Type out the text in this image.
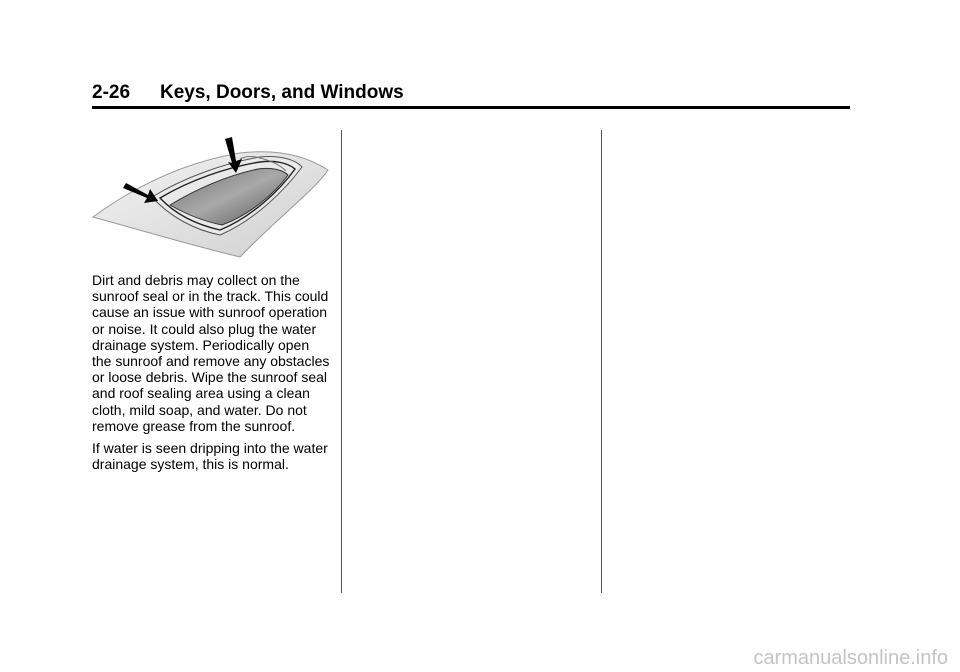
2-26 Keys, Doors, and Windows

Dirt and debris may collect on the sunroof seal or in the track. This could cause an issue with sunroof operation or noise. It could also plug the water drainage system. Periodically open the sunroof and remove any obstacles or loose debris. Wipe the sunroof seal and roof sealing area using a clean cloth, mild soap, and water. Do not remove grease from the sunroof.

If water is seen dripping into the water drainage system, this is normal.

carmanualsonline.info
